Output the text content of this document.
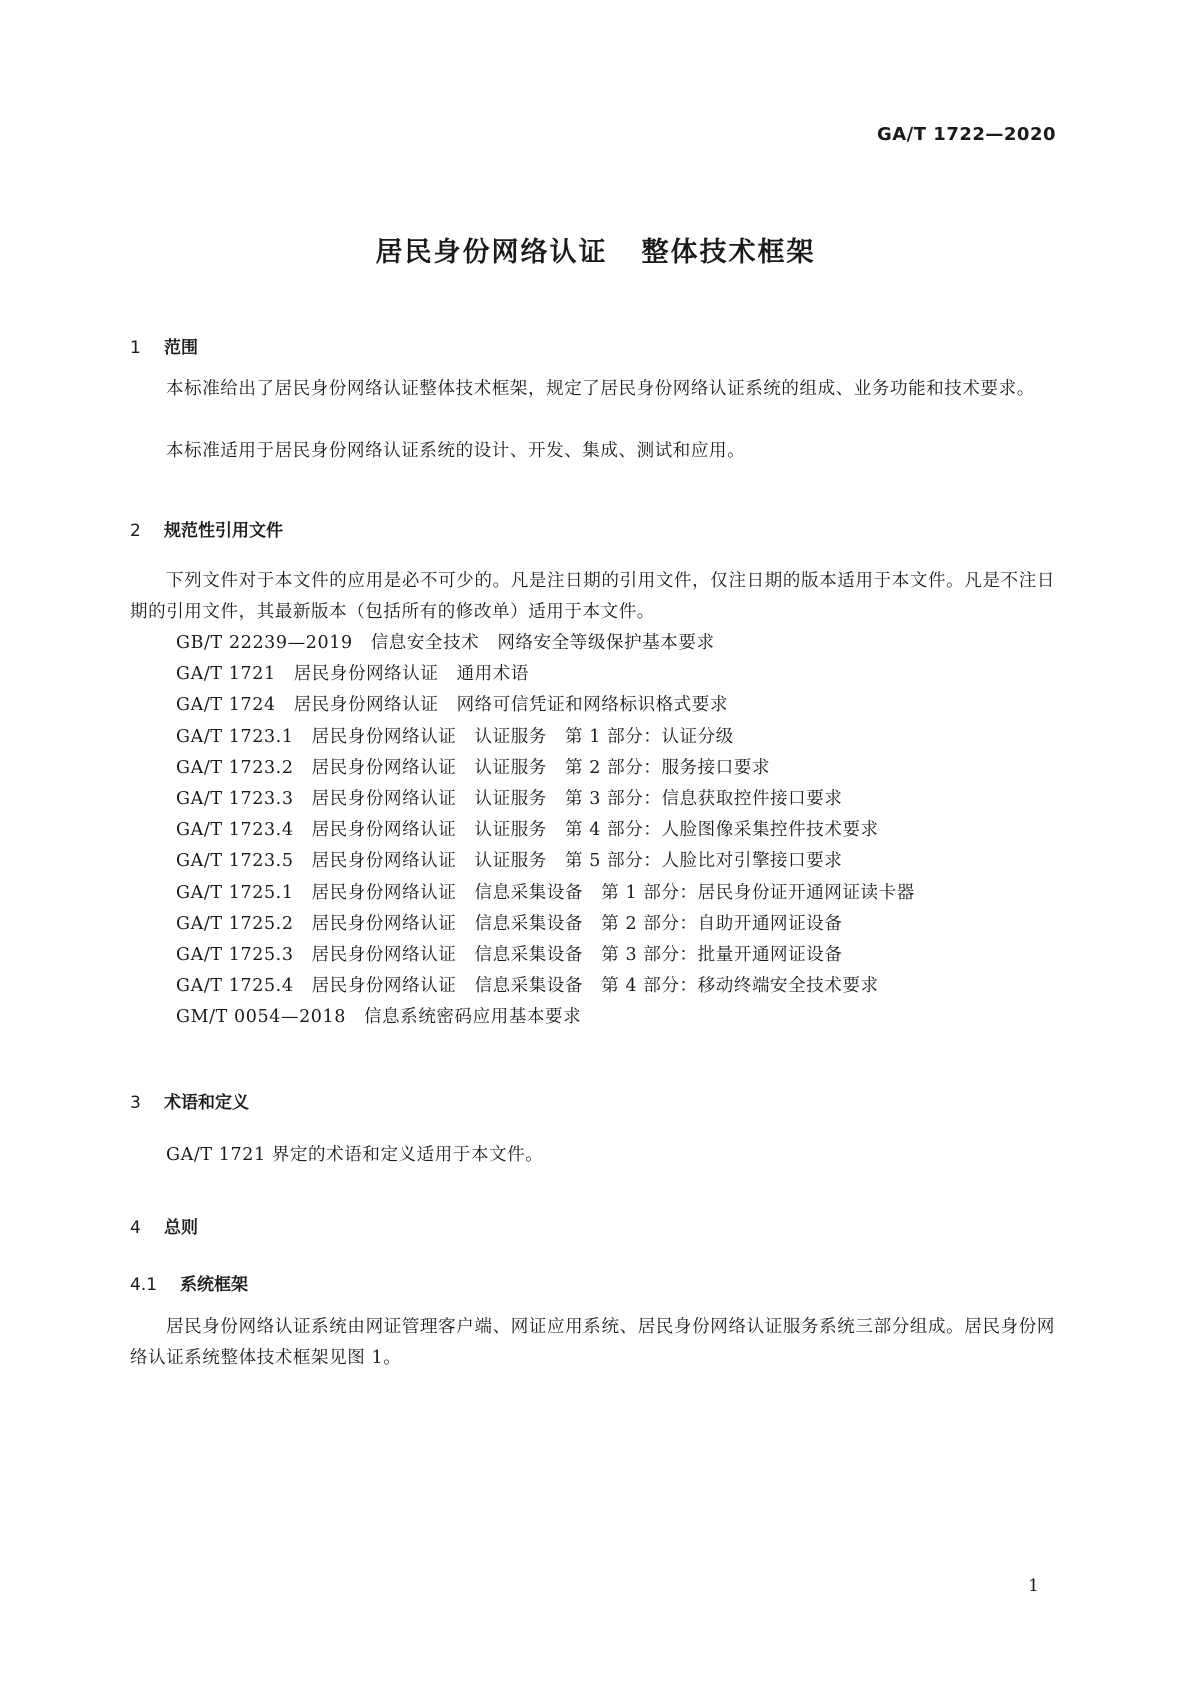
GA/T 1722—2020
居民身份网络认证 整体技术框架
1 范围

本标准给出了居民身份网络认证整体技术框架，规定了居民身份网络认证系统的组成、业务功能和技术要求。

本标准适用于居民身份网络认证系统的设计、开发、集成、测试和应用。

2 规范性引用文件

下列文件对于本文件的应用是必不可少的。凡是注日期的引用文件，仅注日期的版本适用于本文件。凡是不注日期的引用文件，其最新版本（包括所有的修改单）适用于本文件。

GB/T 22239—2019 信息安全技术　网络安全等级保护基本要求
GA/T 1721 居民身份网络认证　通用术语
GA/T 1724 居民身份网络认证　网络可信凭证和网络标识格式要求
GA/T 1723.1 居民身份网络认证　认证服务　第 1 部分：认证分级
GA/T 1723.2 居民身份网络认证　认证服务　第 2 部分：服务接口要求
GA/T 1723.3 居民身份网络认证　认证服务　第 3 部分：信息获取控件接口要求
GA/T 1723.4 居民身份网络认证　认证服务　第 4 部分：人脸图像采集控件技术要求
GA/T 1723.5 居民身份网络认证　认证服务　第 5 部分：人脸比对引擎接口要求
GA/T 1725.1 居民身份网络认证　信息采集设备　第 1 部分：居民身份证开通网证读卡器
GA/T 1725.2 居民身份网络认证　信息采集设备　第 2 部分：自助开通网证设备
GA/T 1725.3 居民身份网络认证　信息采集设备　第 3 部分：批量开通网证设备
GA/T 1725.4 居民身份网络认证　信息采集设备　第 4 部分：移动终端安全技术要求
GM/T 0054—2018 信息系统密码应用基本要求
3 术语和定义

GA/T 1721 界定的术语和定义适用于本文件。

4 总则
4.1 系统框架

居民身份网络认证系统由网证管理客户端、网证应用系统、居民身份网络认证服务系统三部分组成。居民身份网络认证系统整体技术框架见图 1。

1
